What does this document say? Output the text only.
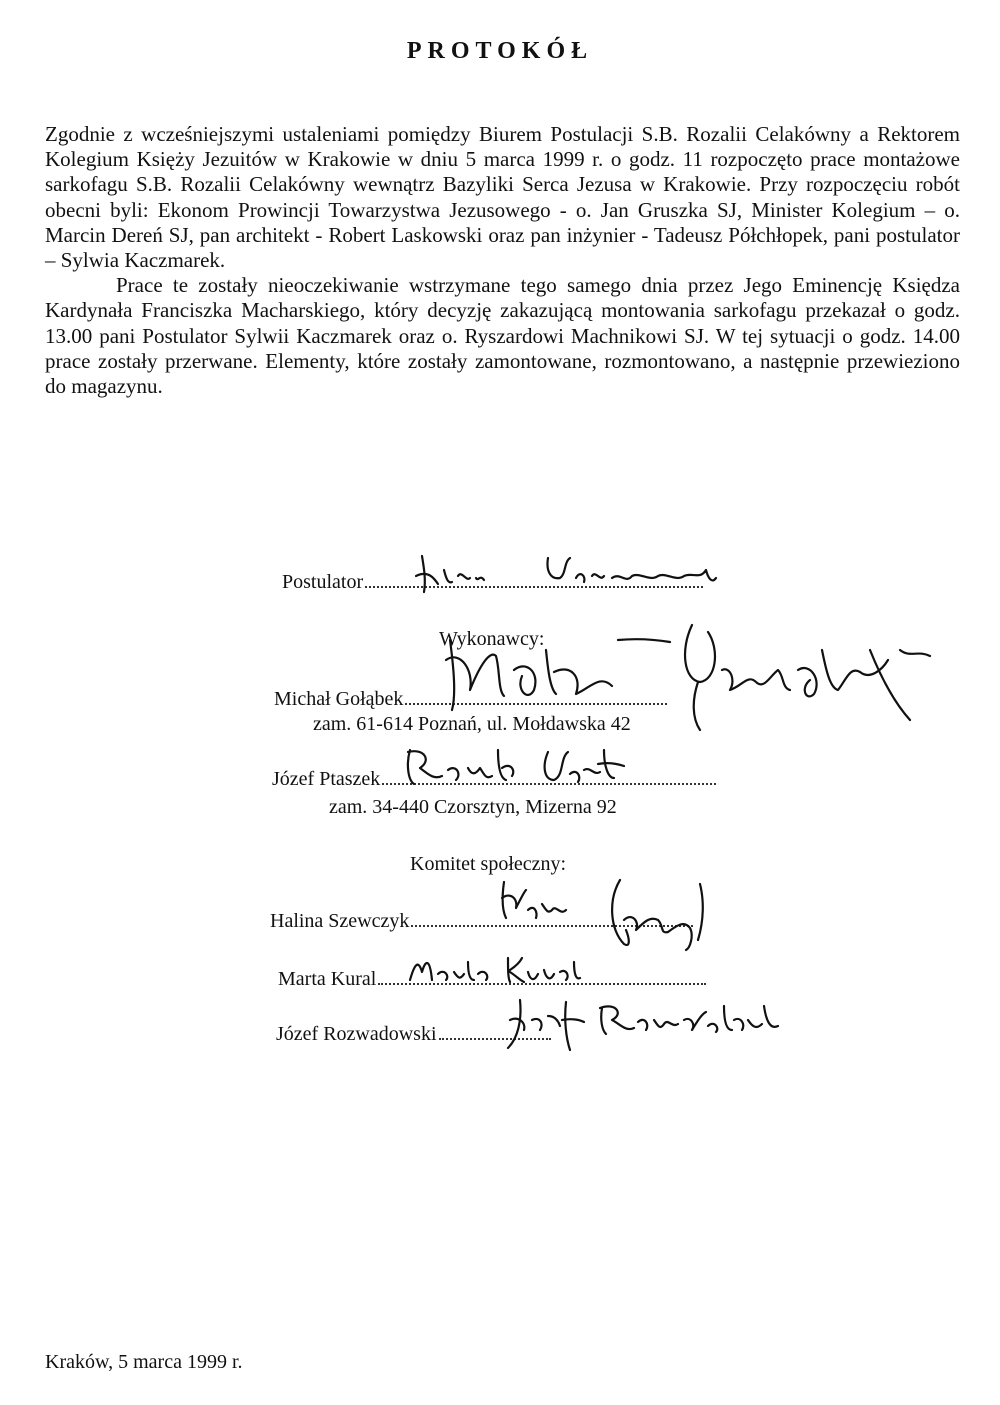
PROTOKÓŁ

Zgodnie z wcześniejszymi ustaleniami pomiędzy Biurem Postulacji S.B. Rozalii Celakówny a Rektorem Kolegium Księży Jezuitów w Krakowie w dniu 5 marca 1999 r. o godz. 11 rozpoczęto prace montażowe sarkofagu S.B. Rozalii Celakówny wewnątrz Bazyliki Serca Jezusa w Krakowie. Przy rozpoczęciu robót obecni byli: Ekonom Prowincji Towarzystwa Jezusowego - o. Jan Gruszka SJ, Minister Kolegium – o. Marcin Dereń SJ, pan architekt - Robert Laskowski oraz pan inżynier - Tadeusz Półchłopek, pani postulator – Sylwia Kaczmarek.

Prace te zostały nieoczekiwanie wstrzymane tego samego dnia przez Jego Eminencję Księdza Kardynała Franciszka Macharskiego, który decyzję zakazującą montowania sarkofagu przekazał o godz. 13.00 pani Postulator Sylwii Kaczmarek oraz o. Ryszardowi Machnikowi SJ. W tej sytuacji o godz. 14.00 prace zostały przerwane. Elementy, które zostały zamontowane, rozmontowano, a następnie przewieziono do magazynu.

Postulator
Wykonawcy:
Michał Gołąbek
zam. 61-614 Poznań, ul. Mołdawska 42
Józef Ptaszek
zam. 34-440 Czorsztyn, Mizerna 92
Komitet społeczny:
Halina Szewczyk
Marta Kural
Józef Rozwadowski
Kraków, 5 marca 1999 r.
